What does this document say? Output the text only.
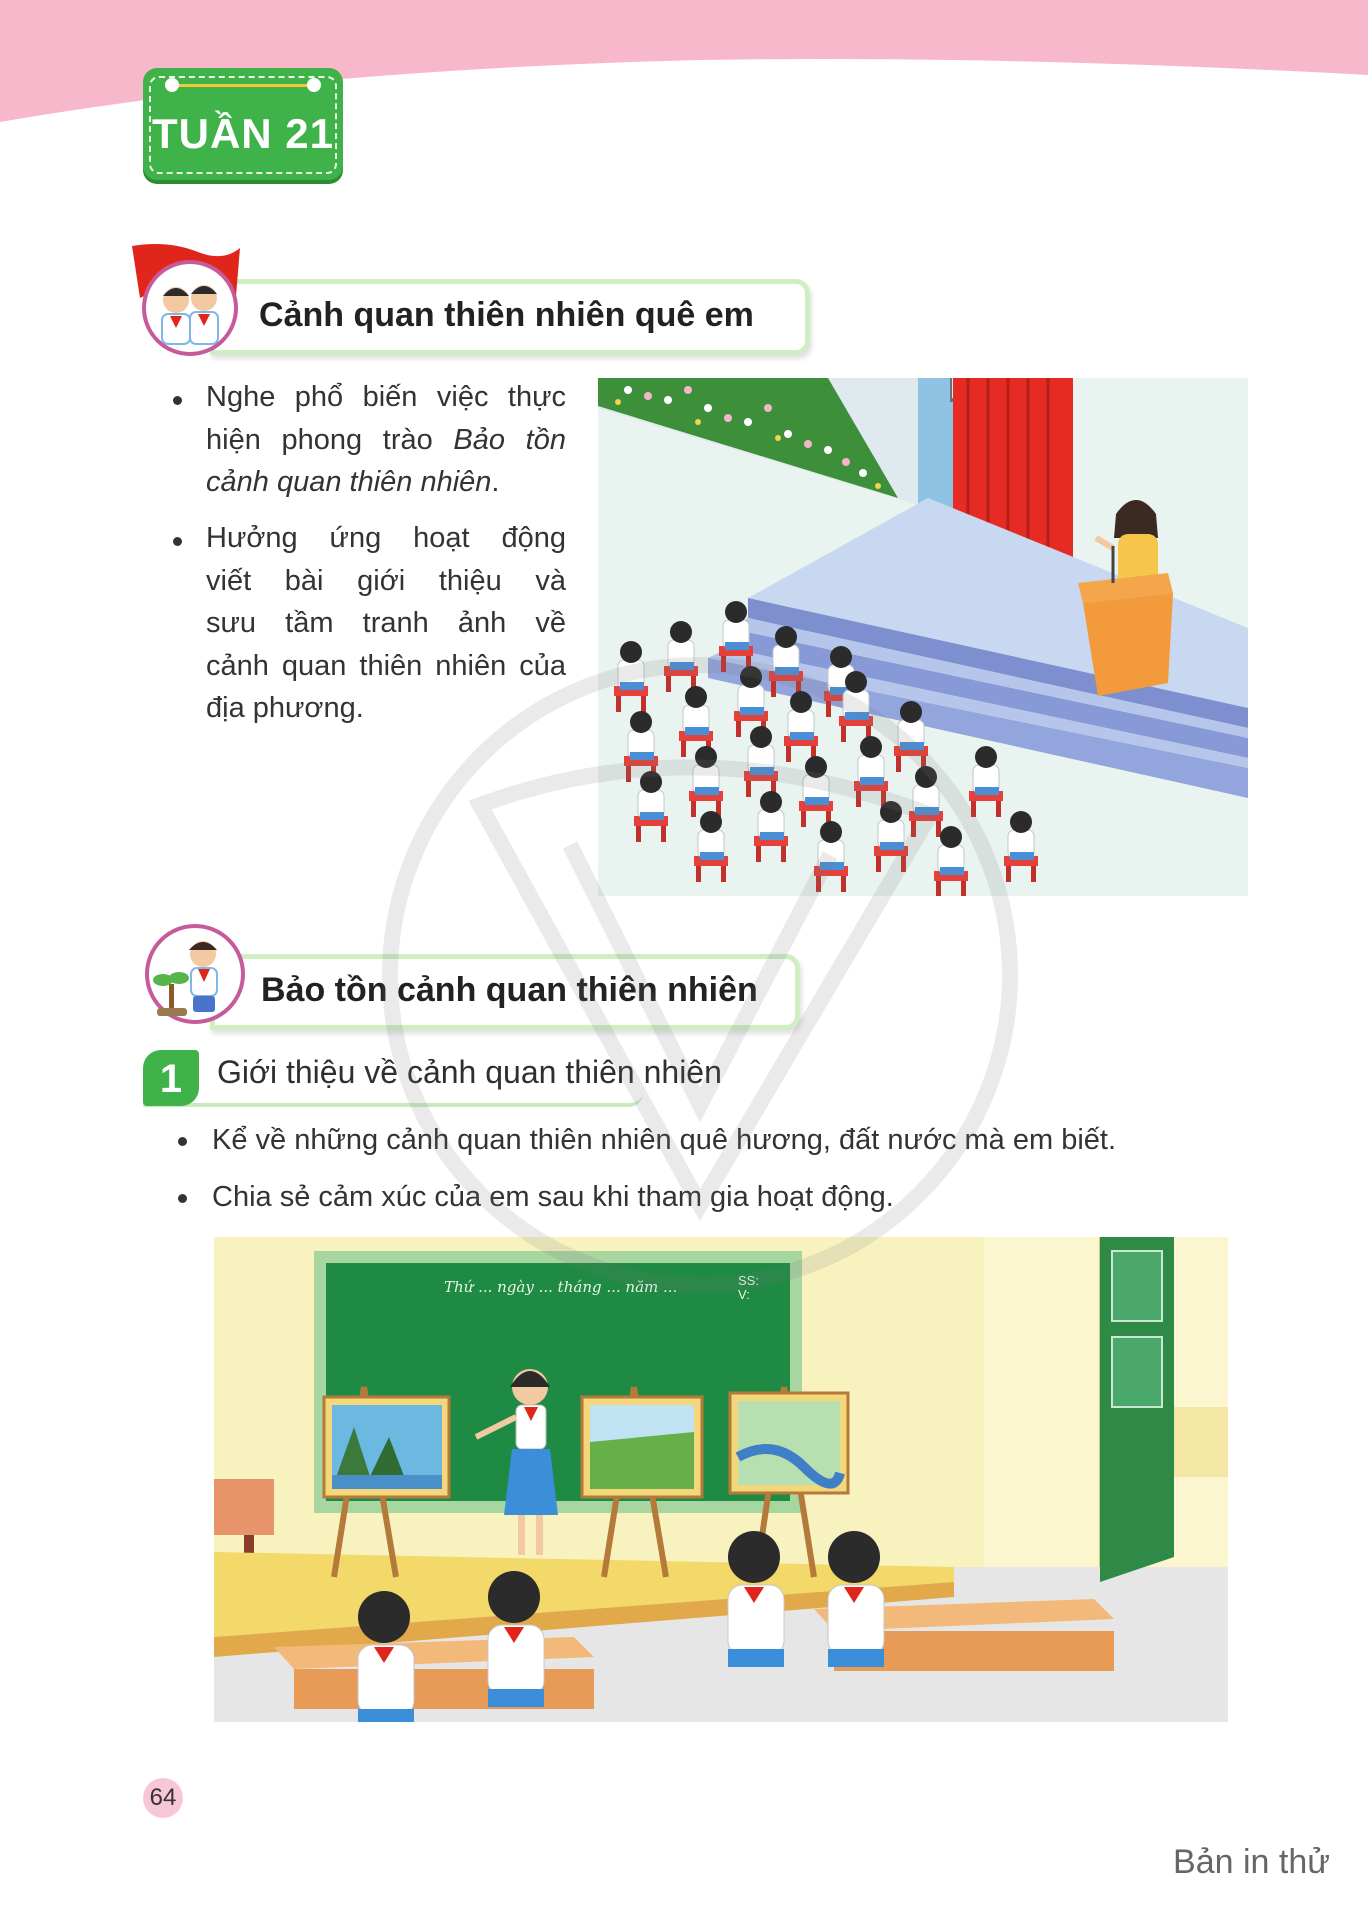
TUẦN 21
Cảnh quan thiên nhiên quê em
Nghe phổ biến việc thực
hiện phong trào Bảo tồn
cảnh quan thiên nhiên.
Hưởng ứng hoạt động
viết bài giới thiệu và
sưu tầm tranh ảnh về
cảnh quan thiên nhiên của
địa phương.
Bảo tồn cảnh quan thiên nhiên
1	Giới thiệu về cảnh quan thiên nhiên
Kể về những cảnh quan thiên nhiên quê hương, đất nước mà em biết.
Chia sẻ cảm xúc của em sau khi tham gia hoạt động.
Thứ ... ngày ... tháng ... năm ...	SS:
V:
64
Bản in thử
